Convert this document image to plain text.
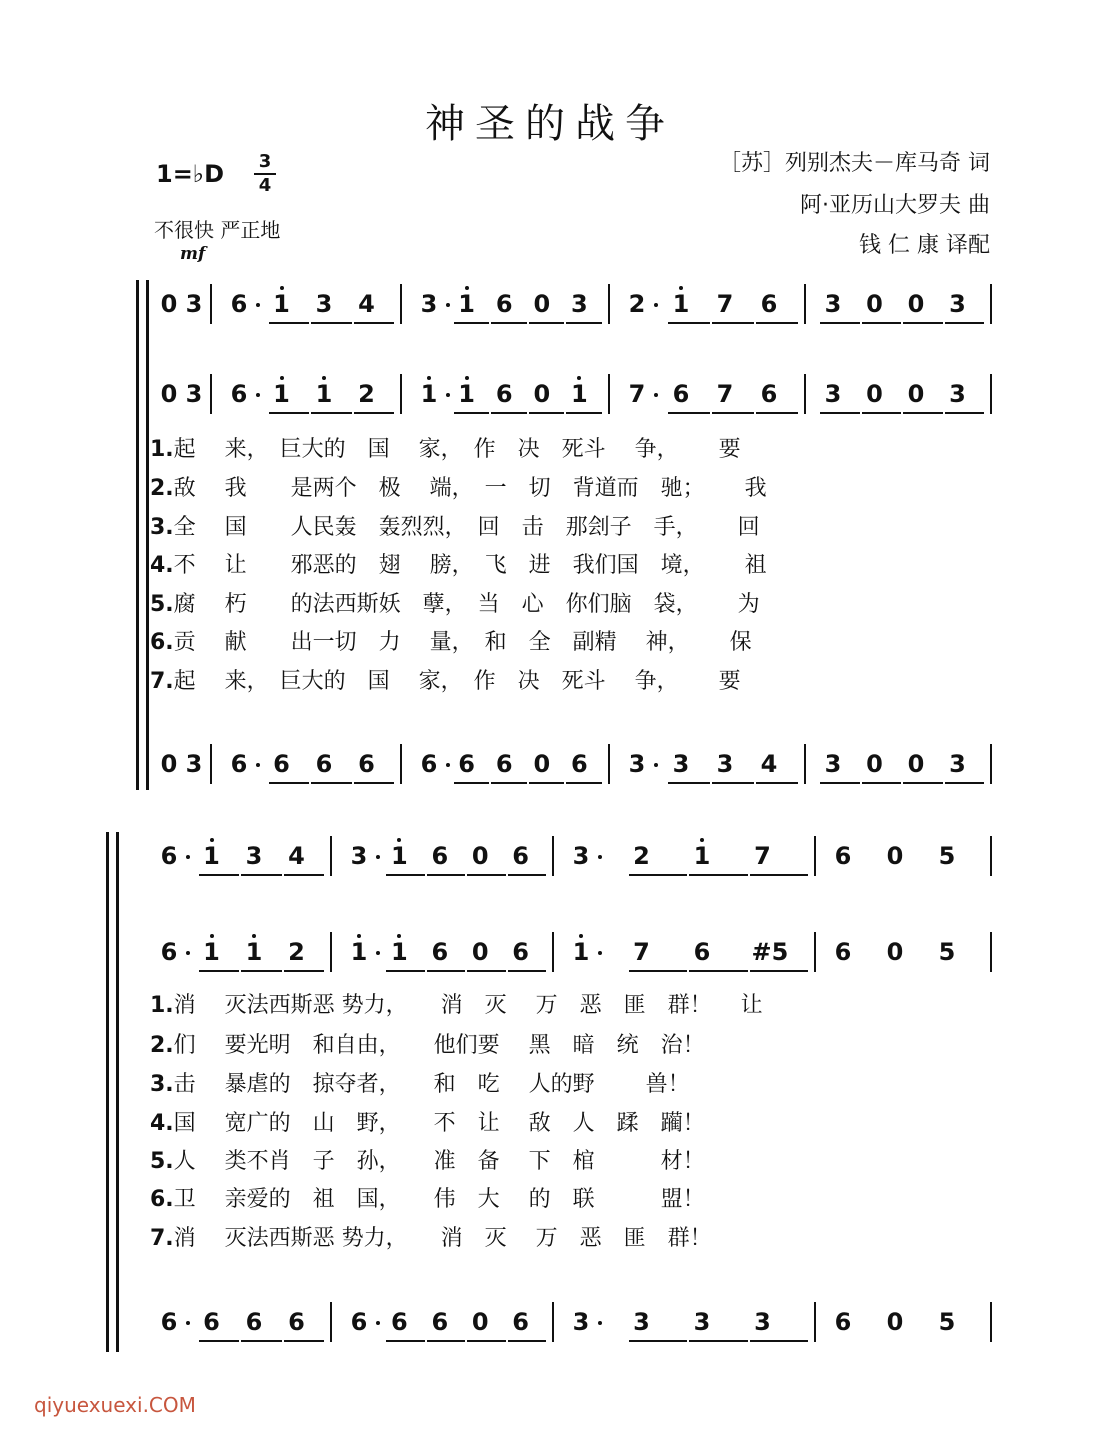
神圣的战争
1=♭D 3
4
不很快 严正地
mf
［苏］列别杰夫－库马奇 词
阿·亚历山大罗夫 曲
钱 仁 康 译配
0 3 6 1 3 4 3 1 6 0 3 2 1 7 6 3 0 0 3
0 3 6 1 1 2 1 1 6 0 1 7 6 7 6 3 0 0 3
0 3 6 6 6 6 6 6 6 0 6 3 3 3 4 3 0 0 3
1.起　 来，　巨大的　国　 家，　作　决　死斗　 争，　　 要
2.敌　 我　　是两个　极　 端，　一　切　背道而　驰；　　 我
3.全　 国　　人民轰　轰烈烈，　回　击　那刽子　手，　　 回
4.不　 让　　邪恶的　翅　 膀，　飞　进　我们国　境，　　 祖
5.腐　 朽　　的法西斯妖　孽，　当　心　你们脑　袋，　　 为
6.贡　 献　　出一切　力　 量，　和　全　副精　 神，　　 保
7.起　 来，　巨大的　国　 家，　作　决　死斗　 争，　　 要
6 1 3 4 3 1 6 0 6 3 2 1 7	6 0 5
6 1 1 2 1 1 6 0 6 1 7 6 #5 6 0 5
6 6 6 6 6 6 6 0 6 3 3 3 3	6 0 5
1.消　 灭法西斯恶 势力，　　消　灭　 万　恶　匪　群！　 让
2.们　 要光明　和自由，　　他们要　 黑　暗　统　治！
3.击　 暴虐的　掠夺者，　　和　吃　 人的野　 　兽！
4.国　 宽广的　山　野，　　不　让　 敌　人　蹂　躏！
5.人　 类不肖　子　孙，　　准　备　 下　棺　　　材！
6.卫　 亲爱的　祖　国，　　伟　大　 的　联　　　盟！
7.消　 灭法西斯恶 势力，　　消　灭　 万　恶　匪　群！
qiyuexuexi.COM
